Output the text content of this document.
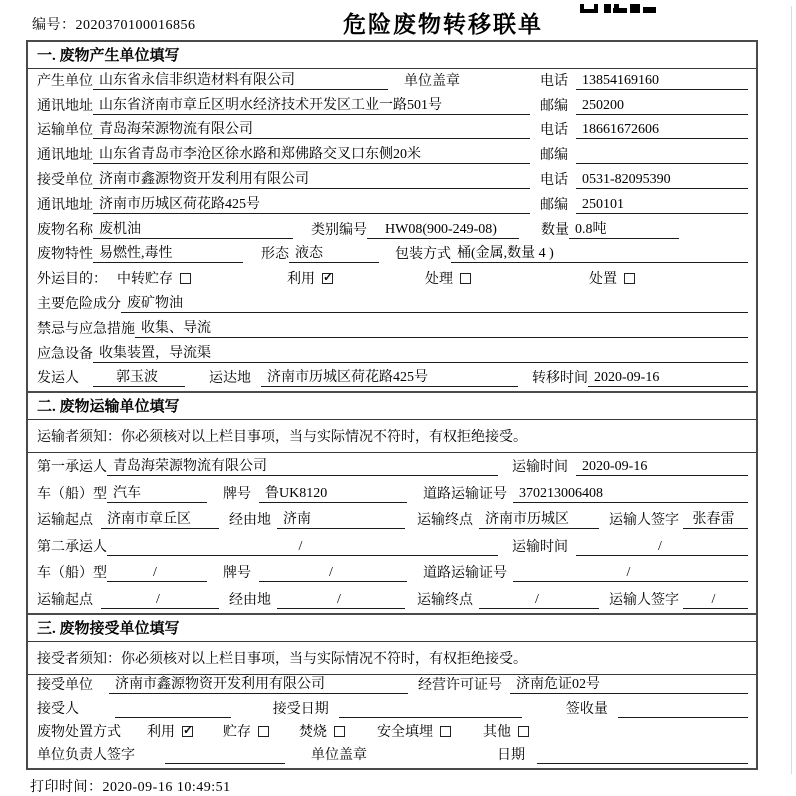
编号：2020370100016856	危险废物转移联单
一. 废物产生单位填写
产生单位 山东省永信非织造材料有限公司	单位盖章	电话	13854169160
通讯地址 山东省济南市章丘区明水经济技术开发区工业一路501号	邮编	250200
运输单位 青岛海荣源物流有限公司	电话	18661672606
通讯地址 山东省青岛市李沧区徐水路和郑佛路交叉口东侧20米	邮编
接受单位 济南市鑫源物资开发利用有限公司	电话	0531-82095390
通讯地址 济南市历城区荷花路425号	邮编	250101
废物名称 废机油	类别编号	HW08(900-249-08)	数量 0.8吨
废物特性 易燃性,毒性	形态 液态	包装方式 桶(金属,数量 4 )
外运目的： 中转贮存	利用 ✓	处理	处置
主要危险成分 废矿物油
禁忌与应急措施 收集、导流
应急设备 收集装置，导流渠
发运人	郭玉波	运达地	济南市历城区荷花路425号	转移时间 2020-09-16
二. 废物运输单位填写
运输者须知：你必须核对以上栏目事项，当与实际情况不符时，有权拒绝接受。
第一承运人 青岛海荣源物流有限公司	运输时间	2020-09-16
车（船）型 汽车	牌号	鲁UK8120	道路运输证号 370213006408
运输起点	济南市章丘区	经由地 济南	运输终点 济南市历城区	运输人签字 张春雷
第二承运人	/	运输时间	/
车（船）型	/	牌号	/	道路运输证号	/
运输起点	/	经由地	/	运输终点	/	运输人签字	/
三. 废物接受单位填写
接受者须知：你必须核对以上栏目事项，当与实际情况不符时，有权拒绝接受。
接受单位	济南市鑫源物资开发利用有限公司	经营许可证号	济南危证02号
接受人	接受日期	签收量
废物处置方式 利用 ✓	贮存	焚烧	安全填埋	其他
单位负责人签字	单位盖章	日期
打印时间：2020-09-16 10:49:51
